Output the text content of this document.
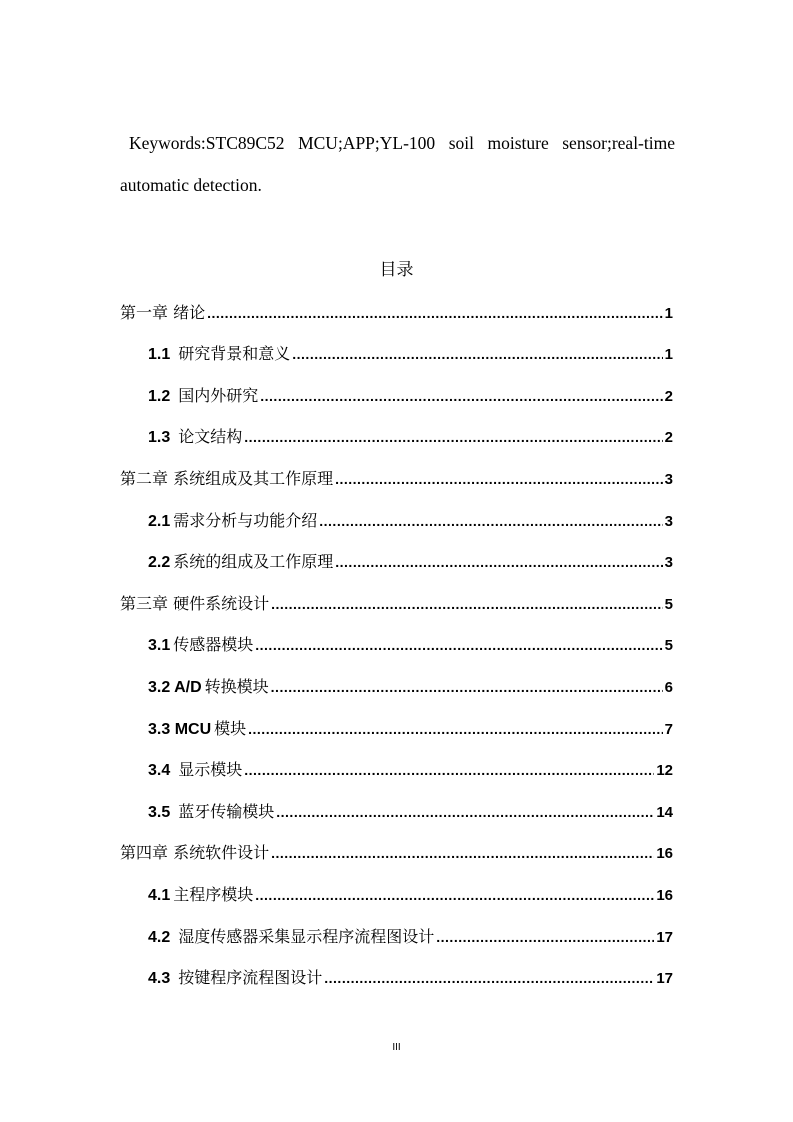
Keywords:STC89C52 MCU;APP;YL-100 soil moisture sensor;real-time automatic detection.

目录
第一章 绪论 .....	1
1.1 研究背景和意义 .....	1
1.2 国内外研究 .....	2
1.3 论文结构 .....	2
第二章 系统组成及其工作原理 .....	3
2.1 需求分析与功能介绍 .....	3
2.2 系统的组成及工作原理 .....	3
第三章 硬件系统设计 .....	5
3.1 传感器模块 .....	5
3.2 A/D 转换模块 .....	6
3.3 MCU 模块 .....	7
3.4 显示模块 .....	12
3.5 蓝牙传输模块 .....	14
第四章 系统软件设计 .....	16
4.1 主程序模块 .....	16
4.2 湿度传感器采集显示程序流程图设计 .....	17
4.3 按键程序流程图设计 .....	17
III
